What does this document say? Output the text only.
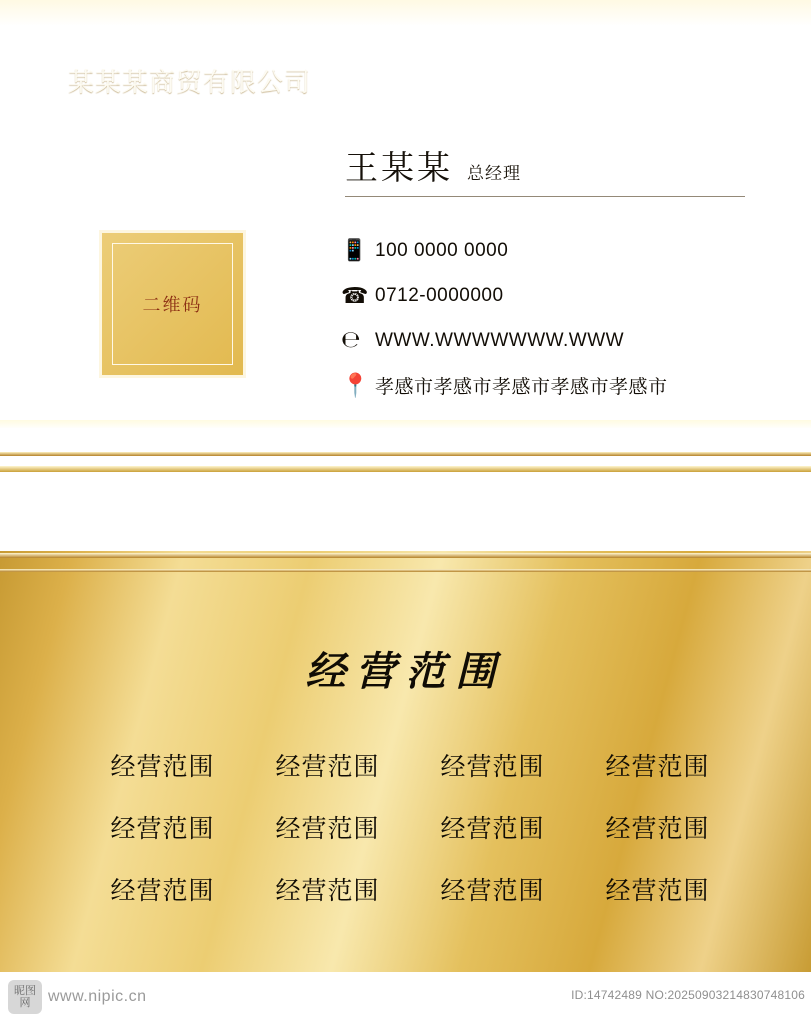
某某某商贸有限公司
王某某 总经理
二维码
📱 100 0000 0000
☎ 0712-0000000
℮ WWW.WWWWWWW.WWW
📍 孝感市孝感市孝感市孝感市孝感市
经营范围
经营范围	经营范围	经营范围	经营范围
经营范围	经营范围	经营范围	经营范围
经营范围	经营范围	经营范围	经营范围
昵图网	www.nipic.cn	ID:14742489 NO:20250903214830748106
